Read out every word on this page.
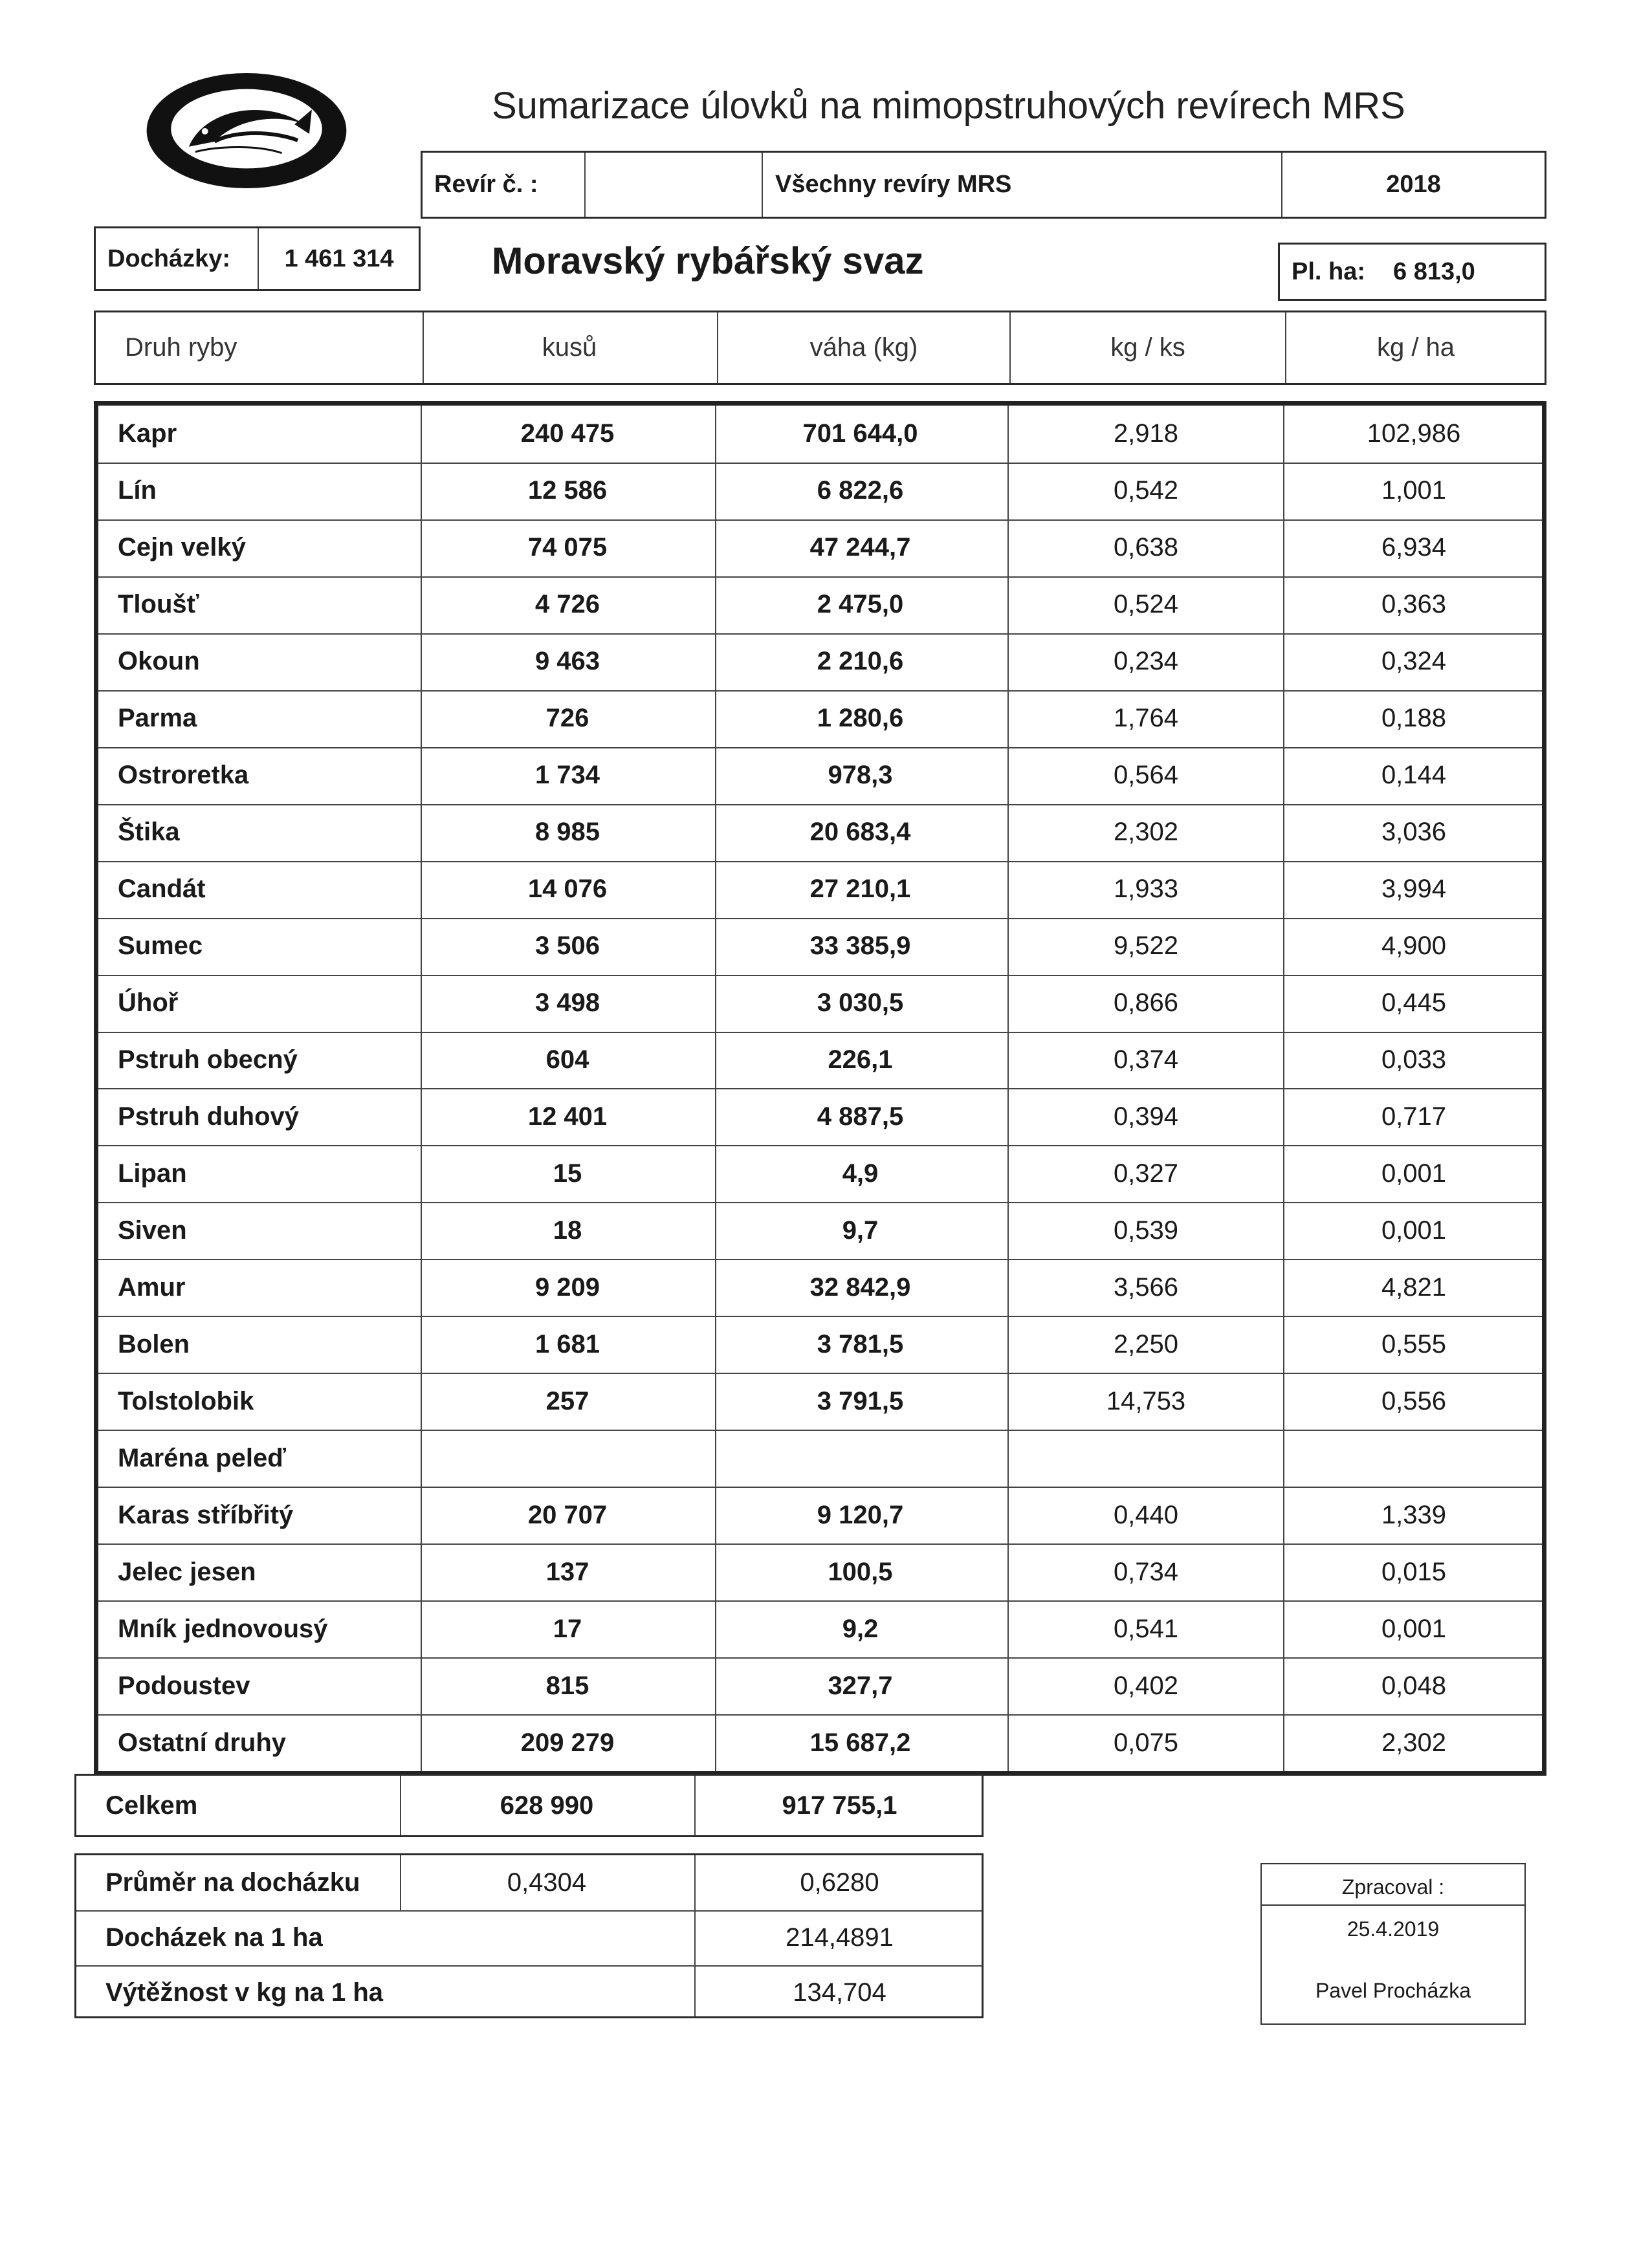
Sumarizace úlovků na mimopstruhových revírech MRS
Revír č. :	Všechny revíry MRS	2018
Docházky:	1 461 314	Moravský rybářský svaz	Pl. ha:	6 813,0
Druh ryby	kusů	váha (kg)	kg / ks	kg / ha
Kapr	240 475	701 644,0	2,918	102,986
Lín	12 586	6 822,6	0,542	1,001
Cejn velký	74 075	47 244,7	0,638	6,934
Tloušť	4 726	2 475,0	0,524	0,363
Okoun	9 463	2 210,6	0,234	0,324
Parma	726	1 280,6	1,764	0,188
Ostroretka	1 734	978,3	0,564	0,144
Štika	8 985	20 683,4	2,302	3,036
Candát	14 076	27 210,1	1,933	3,994
Sumec	3 506	33 385,9	9,522	4,900
Úhoř	3 498	3 030,5	0,866	0,445
Pstruh obecný	604	226,1	0,374	0,033
Pstruh duhový	12 401	4 887,5	0,394	0,717
Lipan	15	4,9	0,327	0,001
Siven	18	9,7	0,539	0,001
Amur	9 209	32 842,9	3,566	4,821
Bolen	1 681	3 781,5	2,250	0,555
Tolstolobik	257	3 791,5	14,753	0,556
Maréna peleď
Karas stříbřitý	20 707	9 120,7	0,440	1,339
Jelec jesen	137	100,5	0,734	0,015
Mník jednovousý	17	9,2	0,541	0,001
Podoustev	815	327,7	0,402	0,048
Ostatní druhy	209 279	15 687,2	0,075	2,302
Celkem	628 990	917 755,1
Průměr na docházku	0,4304	0,6280
Docházek na 1 ha	214,4891
Výtěžnost v kg na 1 ha	134,704
Zpracoval :
25.4.2019
Pavel Procházka
